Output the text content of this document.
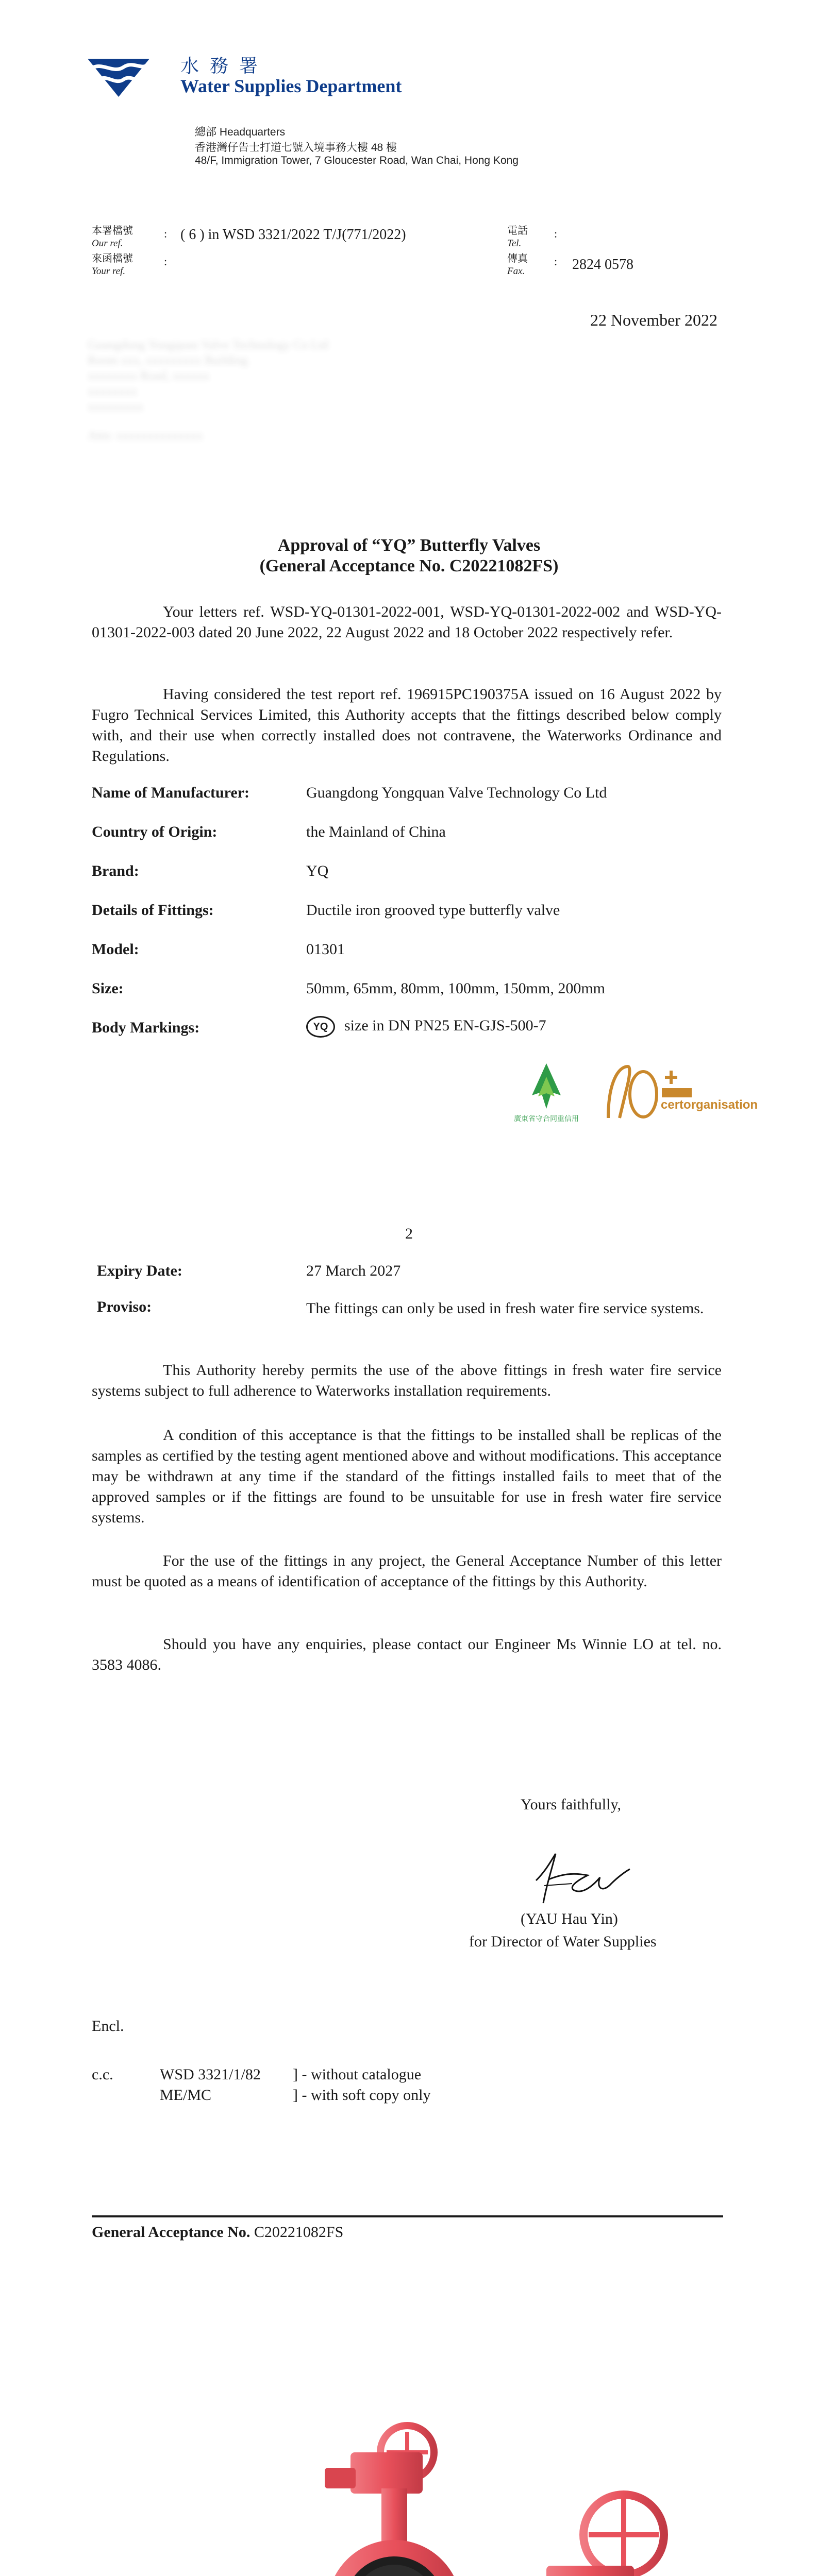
水 務 署
Water Supplies Department
總部 Headquarters
香港灣仔告士打道七號入境事務大樓 48 樓
48/F, Immigration Tower, 7 Gloucester Road, Wan Chai, Hong Kong
本署檔號
Our ref.
: ( 6 ) in WSD 3321/2022 T/J(771/2022)
來函檔號
Your ref.
:
電話
Tel.
:
傳真
Fax.
: 2824 0578
22 November 2022
Guangdong Yongquan Valve Technology Co Ltd
Room xxx, xxxxxxxxx Building
xxxxxxxx Road, xxxxxx
xxxxxxxx
xxxxxxxxx
Attn: xxxxxxxxxxxxxx
Approval of “YQ” Butterfly Valves
(General Acceptance No. C20221082FS)
Your letters ref. WSD-YQ-01301-2022-001, WSD-YQ-01301-2022-002 and WSD-YQ-01301-2022-003 dated 20 June 2022, 22 August 2022 and 18 October 2022 respectively refer.
Having considered the test report ref. 196915PC190375A issued on 16 August 2022 by Fugro Technical Services Limited, this Authority accepts that the fittings described below comply with, and their use when correctly installed does not contravene, the Waterworks Ordinance and Regulations.
Name of Manufacturer:	Guangdong Yongquan Valve Technology Co Ltd
Country of Origin:	the Mainland of China
Brand:	YQ
Details of Fittings:	Ductile iron grooved type butterfly valve
Model:	01301
Size:	50mm, 65mm, 80mm, 100mm, 150mm, 200mm
Body Markings:	YQ size in DN PN25 EN-GJS-500-7
廣東省守合同重信用
certorganisation
2
Expiry Date:	27 March 2027
Proviso:	The fittings can only be used in fresh water fire service systems.
This Authority hereby permits the use of the above fittings in fresh water fire service systems subject to full adherence to Waterworks installation requirements.
A condition of this acceptance is that the fittings to be installed shall be replicas of the samples as certified by the testing agent mentioned above and without modifications. This acceptance may be withdrawn at any time if the standard of the fittings installed fails to meet that of the approved samples or if the fittings are found to be unsuitable for use in fresh water fire service systems.
For the use of the fittings in any project, the General Acceptance Number of this letter must be quoted as a means of identification of acceptance of the fittings by this Authority.
Should you have any enquiries, please contact our Engineer Ms Winnie LO at tel. no. 3583 4086.
Yours faithfully,
(YAU Hau Yin)
for Director of Water Supplies
Encl.
c.c.	WSD 3321/1/82 ] - without catalogue
ME/MC	] - with soft copy only
General Acceptance No. C20221082FS
